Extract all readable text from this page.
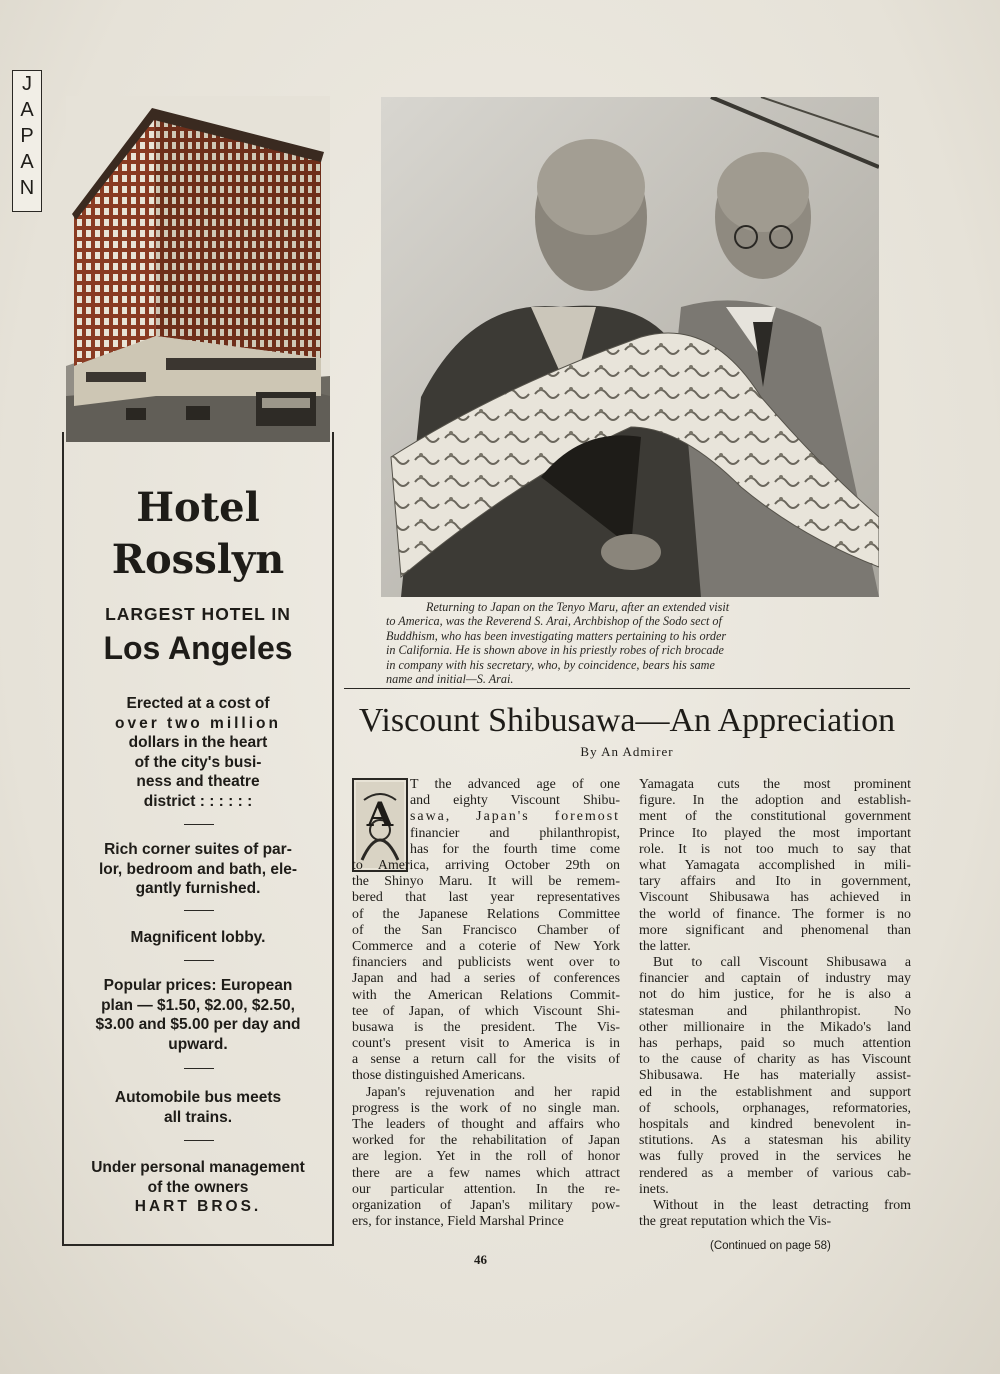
J
A
P
A
N
Hotel
Rosslyn
LARGEST HOTEL IN
Los Angeles
Erected at a cost of
over two million
dollars in the heart
of the city's busi-
ness and theatre
district : : : : : :
Rich corner suites of par-
lor, bedroom and bath, ele-
gantly furnished.
Magnificent lobby.
Popular prices: European
plan — $1.50, $2.00, $2.50,
$3.00 and $5.00 per day and
upward.
Automobile bus meets
all trains.
Under personal management
of the owners
HART BROS.
Returning to Japan on the Tenyo Maru, after an extended visit
to America, was the Reverend S. Arai, Archbishop of the Sodo sect of
Buddhism, who has been investigating matters pertaining to his order
in California. He is shown above in his priestly robes of rich brocade
in company with his secretary, who, by coincidence, bears his same
name and initial—S. Arai.
Viscount Shibusawa—An Appreciation
By An Admirer
A
T the advanced age of one
and eighty Viscount Shibu-
sawa, Japan's foremost
financier and philanthropist,
has for the fourth time come
to America, arriving October 29th on
the Shinyo Maru. It will be remem-
bered that last year representatives
of the Japanese Relations Committee
of the San Francisco Chamber of
Commerce and a coterie of New York
financiers and publicists went over to
Japan and had a series of conferences
with the American Relations Commit-
tee of Japan, of which Viscount Shi-
busawa is the president. The Vis-
count's present visit to America is in
a sense a return call for the visits of
those distinguished Americans.
Japan's rejuvenation and her rapid
progress is the work of no single man.
The leaders of thought and affairs who
worked for the rehabilitation of Japan
are legion. Yet in the roll of honor
there are a few names which attract
our particular attention. In the re-
organization of Japan's military pow-
ers, for instance, Field Marshal Prince
Yamagata cuts the most prominent
figure. In the adoption and establish-
ment of the constitutional government
Prince Ito played the most important
role. It is not too much to say that
what Yamagata accomplished in mili-
tary affairs and Ito in government,
Viscount Shibusawa has achieved in
the world of finance. The former is no
more significant and phenomenal than
the latter.
But to call Viscount Shibusawa a
financier and captain of industry may
not do him justice, for he is also a
statesman and philanthropist. No
other millionaire in the Mikado's land
has perhaps, paid so much attention
to the cause of charity as has Viscount
Shibusawa. He has materially assist-
ed in the establishment and support
of schools, orphanages, reformatories,
hospitals and kindred benevolent in-
stitutions. As a statesman his ability
was fully proved in the services he
rendered as a member of various cab-
inets.
Without in the least detracting from
the great reputation which the Vis-
(Continued on page 58)
46
